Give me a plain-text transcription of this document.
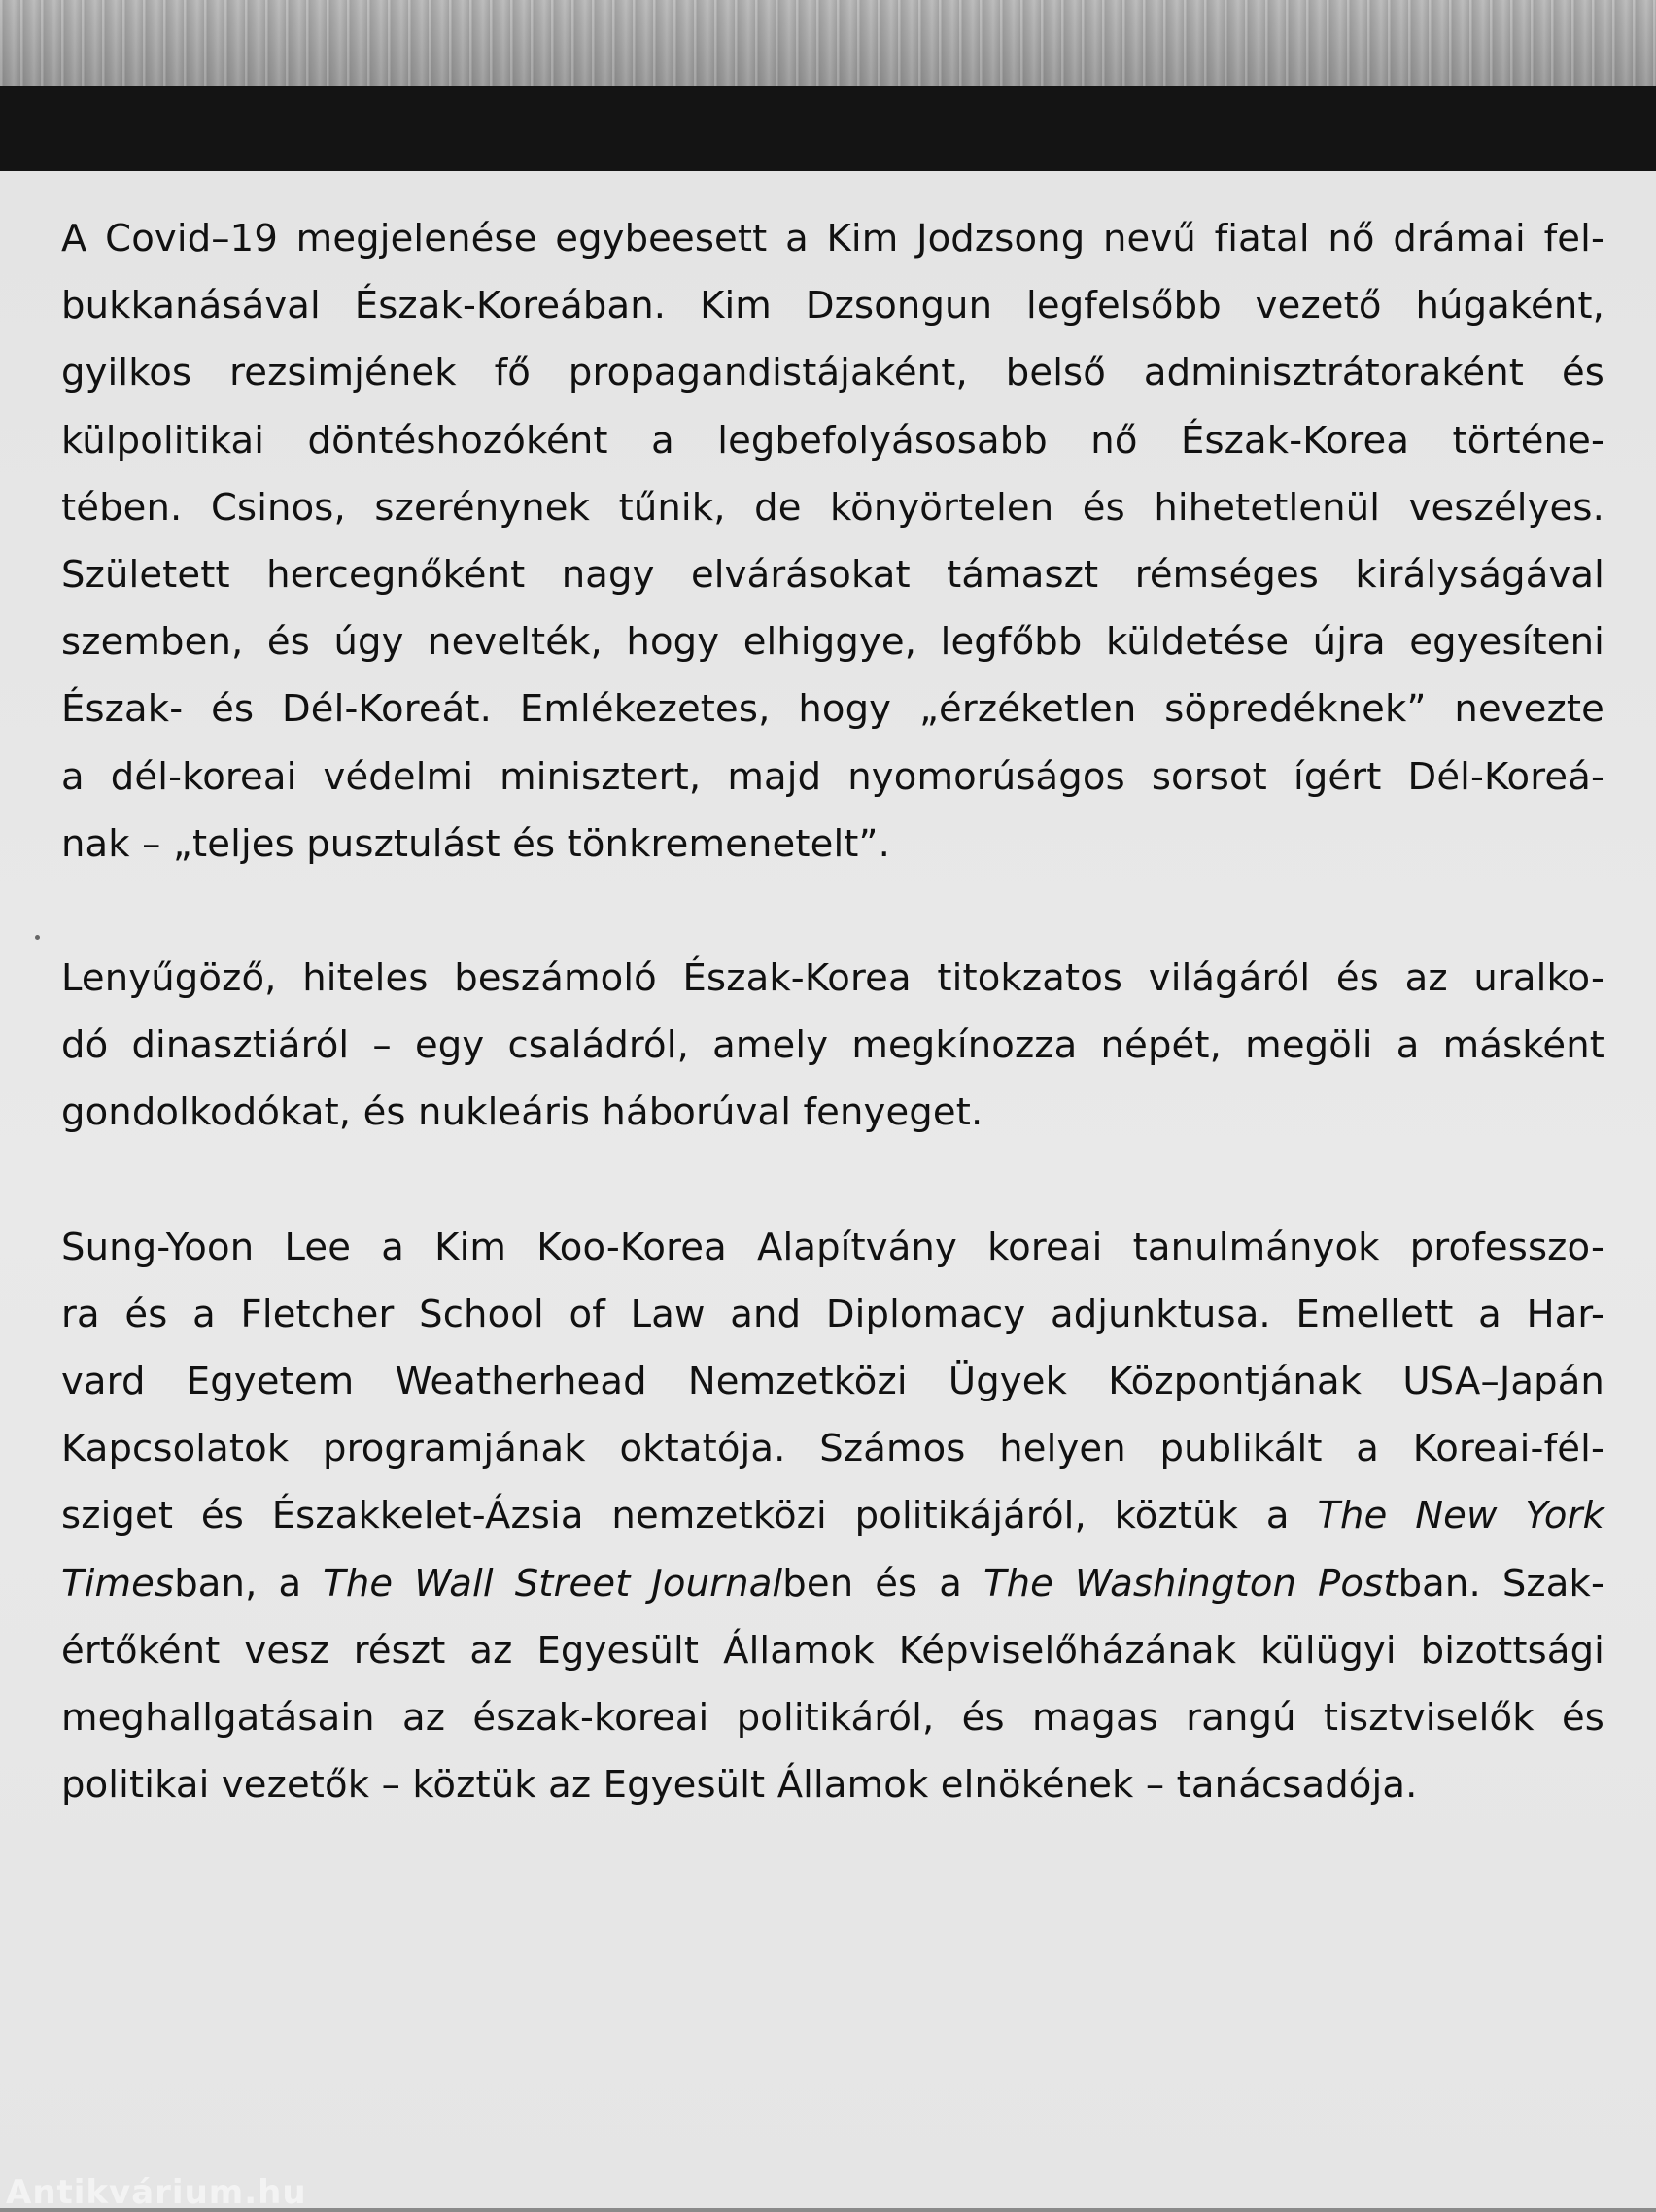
A Covid–19 megjelenése egybeesett a Kim Jodzsong nevű fiatal nő drámai fel-
bukkanásával Észak-Koreában. Kim Dzsongun legfelsőbb vezető húgaként,
gyilkos rezsimjének fő propagandistájaként, belső adminisztrátoraként és
külpolitikai döntéshozóként a legbefolyásosabb nő Észak-Korea történe-
tében. Csinos, szerénynek tűnik, de könyörtelen és hihetetlenül veszélyes.
Született hercegnőként nagy elvárásokat támaszt rémséges királyságával
szemben, és úgy nevelték, hogy elhiggye, legfőbb küldetése újra egyesíteni
Észak- és Dél-Koreát. Emlékezetes, hogy „érzéketlen söpredéknek” nevezte
a dél-koreai védelmi minisztert, majd nyomorúságos sorsot ígért Dél-Koreá-
nak – „teljes pusztulást és tönkremenetelt”.

Lenyűgöző, hiteles beszámoló Észak-Korea titokzatos világáról és az uralko-
dó dinasztiáról – egy családról, amely megkínozza népét, megöli a másként
gondolkodókat, és nukleáris háborúval fenyeget.

Sung-Yoon Lee a Kim Koo-Korea Alapítvány koreai tanulmányok professzo-
ra és a Fletcher School of Law and Diplomacy adjunktusa. Emellett a Har-
vard Egyetem Weatherhead Nemzetközi Ügyek Központjának USA–Japán
Kapcsolatok programjának oktatója. Számos helyen publikált a Koreai-fél-
sziget és Északkelet-Ázsia nemzetközi politikájáról, köztük a The New York
Timesban, a The Wall Street Journalben és a The Washington Postban. Szak-
értőként vesz részt az Egyesült Államok Képviselőházának külügyi bizottsági
meghallgatásain az észak-koreai politikáról, és magas rangú tisztviselők és
politikai vezetők – köztük az Egyesült Államok elnökének – tanácsadója.

Antikvárium.hu
